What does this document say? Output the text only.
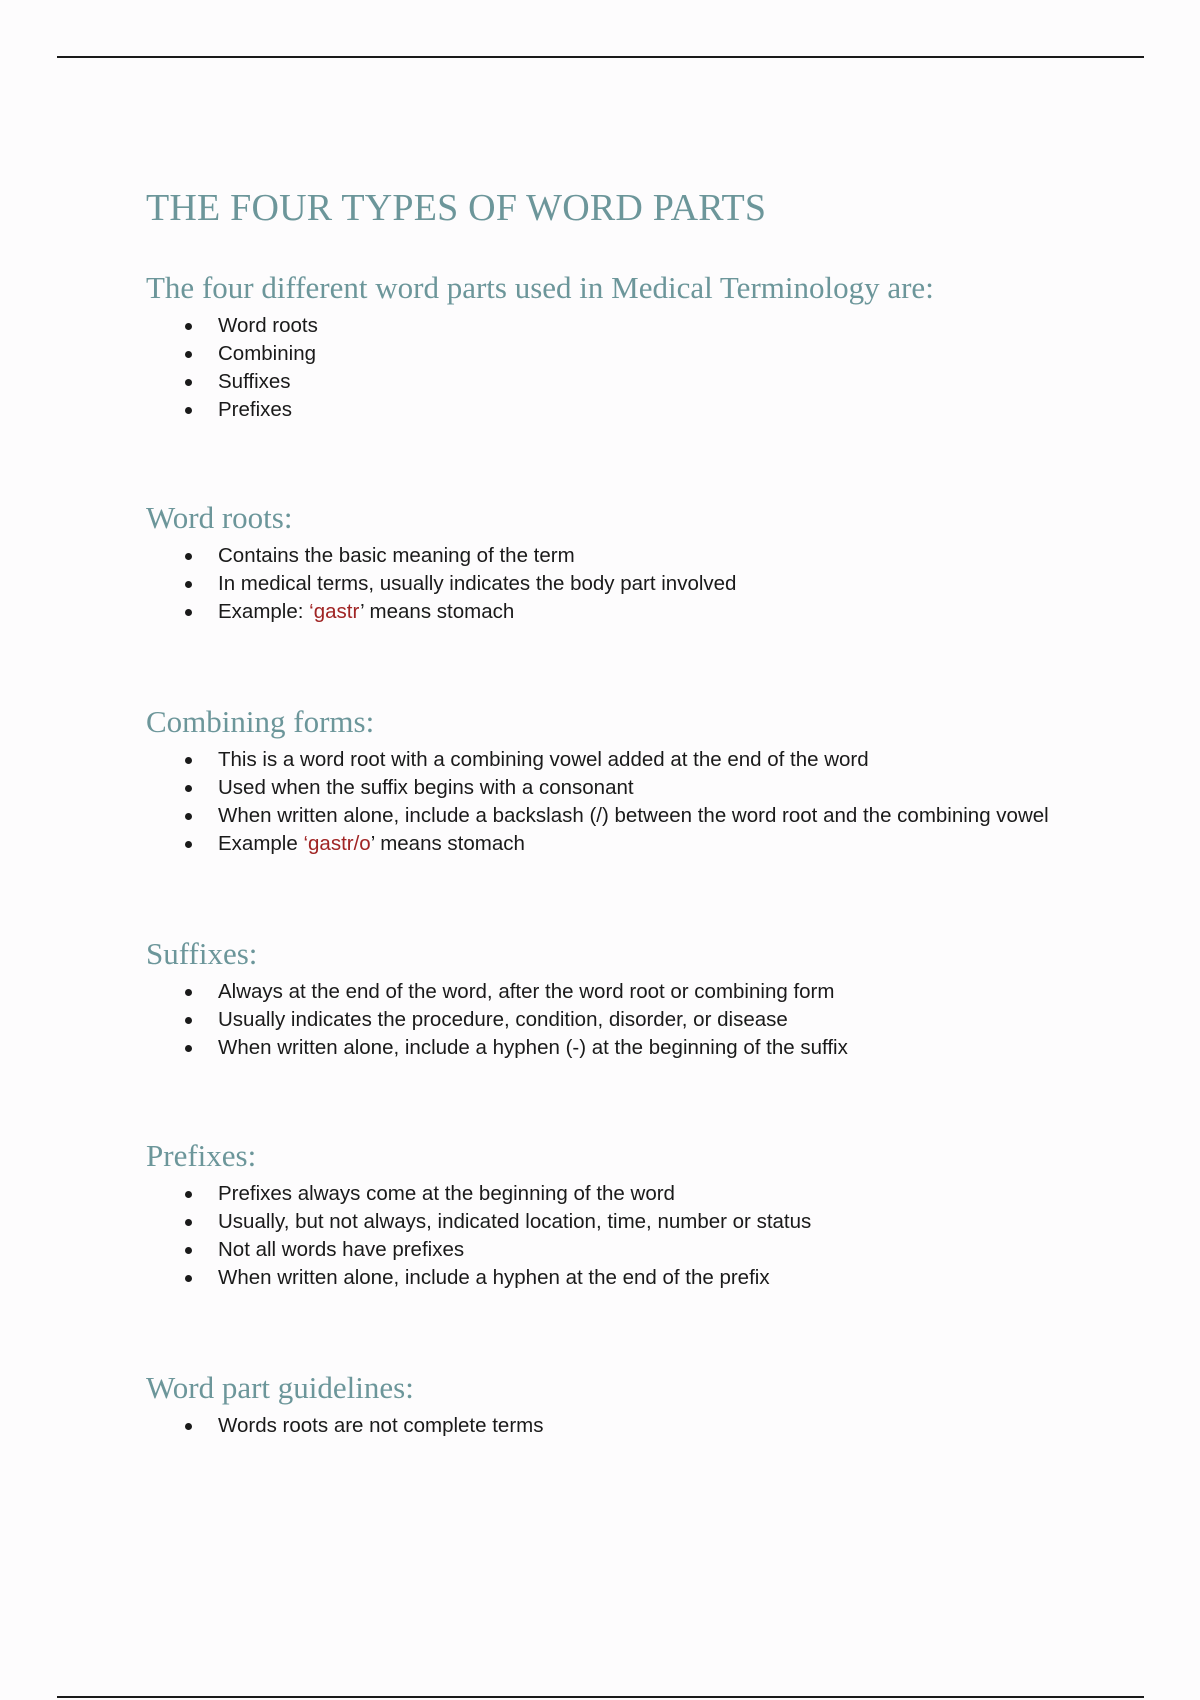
THE FOUR TYPES OF WORD PARTS
The four different word parts used in Medical Terminology are:
Word roots
Combining
Suffixes
Prefixes
Word roots:
Contains the basic meaning of the term
In medical terms, usually indicates the body part involved
Example: ‘gastr’ means stomach
Combining forms:
This is a word root with a combining vowel added at the end of the word
Used when the suffix begins with a consonant
When written alone, include a backslash (/) between the word root and the combining vowel
Example ‘gastr/o’ means stomach
Suffixes:
Always at the end of the word, after the word root or combining form
Usually indicates the procedure, condition, disorder, or disease
When written alone, include a hyphen (-) at the beginning of the suffix
Prefixes:
Prefixes always come at the beginning of the word
Usually, but not always, indicated location, time, number or status
Not all words have prefixes
When written alone, include a hyphen at the end of the prefix
Word part guidelines:
Words roots are not complete terms
